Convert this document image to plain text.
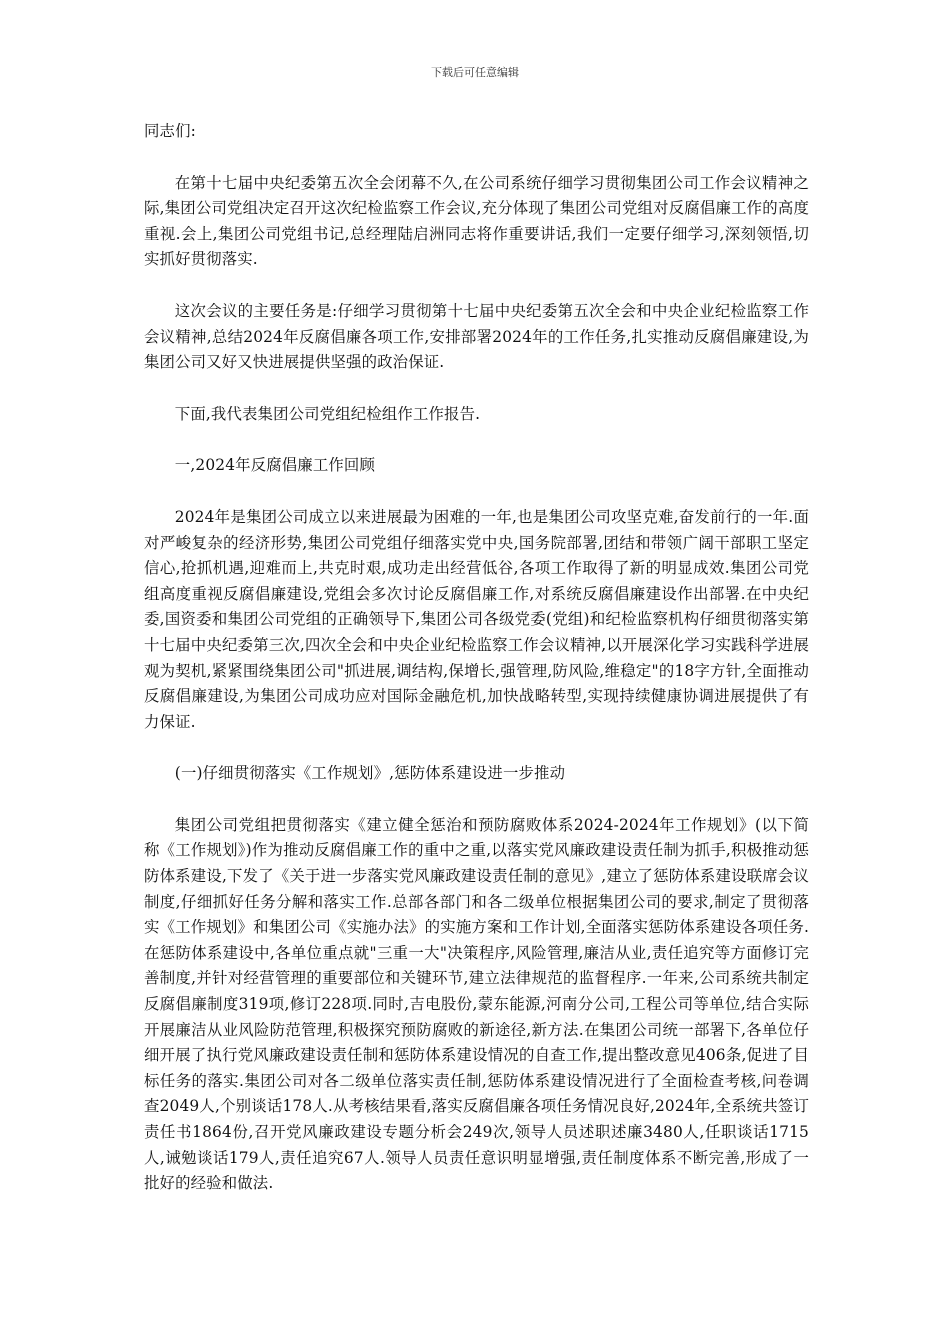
下载后可任意编辑
同志们:

在第十七届中央纪委第五次全会闭幕不久,在公司系统仔细学习贯彻集团公司工作会议精神之际,集团公司党组决定召开这次纪检监察工作会议,充分体现了集团公司党组对反腐倡廉工作的高度重视.会上,集团公司党组书记,总经理陆启洲同志将作重要讲话,我们一定要仔细学习,深刻领悟,切实抓好贯彻落实.

这次会议的主要任务是:仔细学习贯彻第十七届中央纪委第五次全会和中央企业纪检监察工作会议精神,总结2024年反腐倡廉各项工作,安排部署2024年的工作任务,扎实推动反腐倡廉建设,为集团公司又好又快进展提供坚强的政治保证.

下面,我代表集团公司党组纪检组作工作报告.

一,2024年反腐倡廉工作回顾

2024年是集团公司成立以来进展最为困难的一年,也是集团公司攻坚克难,奋发前行的一年.面对严峻复杂的经济形势,集团公司党组仔细落实党中央,国务院部署,团结和带领广阔干部职工坚定信心,抢抓机遇,迎难而上,共克时艰,成功走出经营低谷,各项工作取得了新的明显成效.集团公司党组高度重视反腐倡廉建设,党组会多次讨论反腐倡廉工作,对系统反腐倡廉建设作出部署.在中央纪委,国资委和集团公司党组的正确领导下,集团公司各级党委(党组)和纪检监察机构仔细贯彻落实第十七届中央纪委第三次,四次全会和中央企业纪检监察工作会议精神,以开展深化学习实践科学进展观为契机,紧紧围绕集团公司"抓进展,调结构,保增长,强管理,防风险,维稳定"的18字方针,全面推动反腐倡廉建设,为集团公司成功应对国际金融危机,加快战略转型,实现持续健康协调进展提供了有力保证.

(一)仔细贯彻落实《工作规划》,惩防体系建设进一步推动

集团公司党组把贯彻落实《建立健全惩治和预防腐败体系2024-2024年工作规划》(以下简称《工作规划》)作为推动反腐倡廉工作的重中之重,以落实党风廉政建设责任制为抓手,积极推动惩防体系建设,下发了《关于进一步落实党风廉政建设责任制的意见》,建立了惩防体系建设联席会议制度,仔细抓好任务分解和落实工作.总部各部门和各二级单位根据集团公司的要求,制定了贯彻落实《工作规划》和集团公司《实施办法》的实施方案和工作计划,全面落实惩防体系建设各项任务.在惩防体系建设中,各单位重点就"三重一大"决策程序,风险管理,廉洁从业,责任追究等方面修订完善制度,并针对经营管理的重要部位和关键环节,建立法律规范的监督程序.一年来,公司系统共制定反腐倡廉制度319项,修订228项.同时,吉电股份,蒙东能源,河南分公司,工程公司等单位,结合实际开展廉洁从业风险防范管理,积极探究预防腐败的新途径,新方法.在集团公司统一部署下,各单位仔细开展了执行党风廉政建设责任制和惩防体系建设情况的自查工作,提出整改意见406条,促进了目标任务的落实.集团公司对各二级单位落实责任制,惩防体系建设情况进行了全面检查考核,问卷调查2049人,个别谈话178人.从考核结果看,落实反腐倡廉各项任务情况良好,2024年,全系统共签订责任书1864份,召开党风廉政建设专题分析会249次,领导人员述职述廉3480人,任职谈话1715人,诫勉谈话179人,责任追究67人.领导人员责任意识明显增强,责任制度体系不断完善,形成了一批好的经验和做法.
